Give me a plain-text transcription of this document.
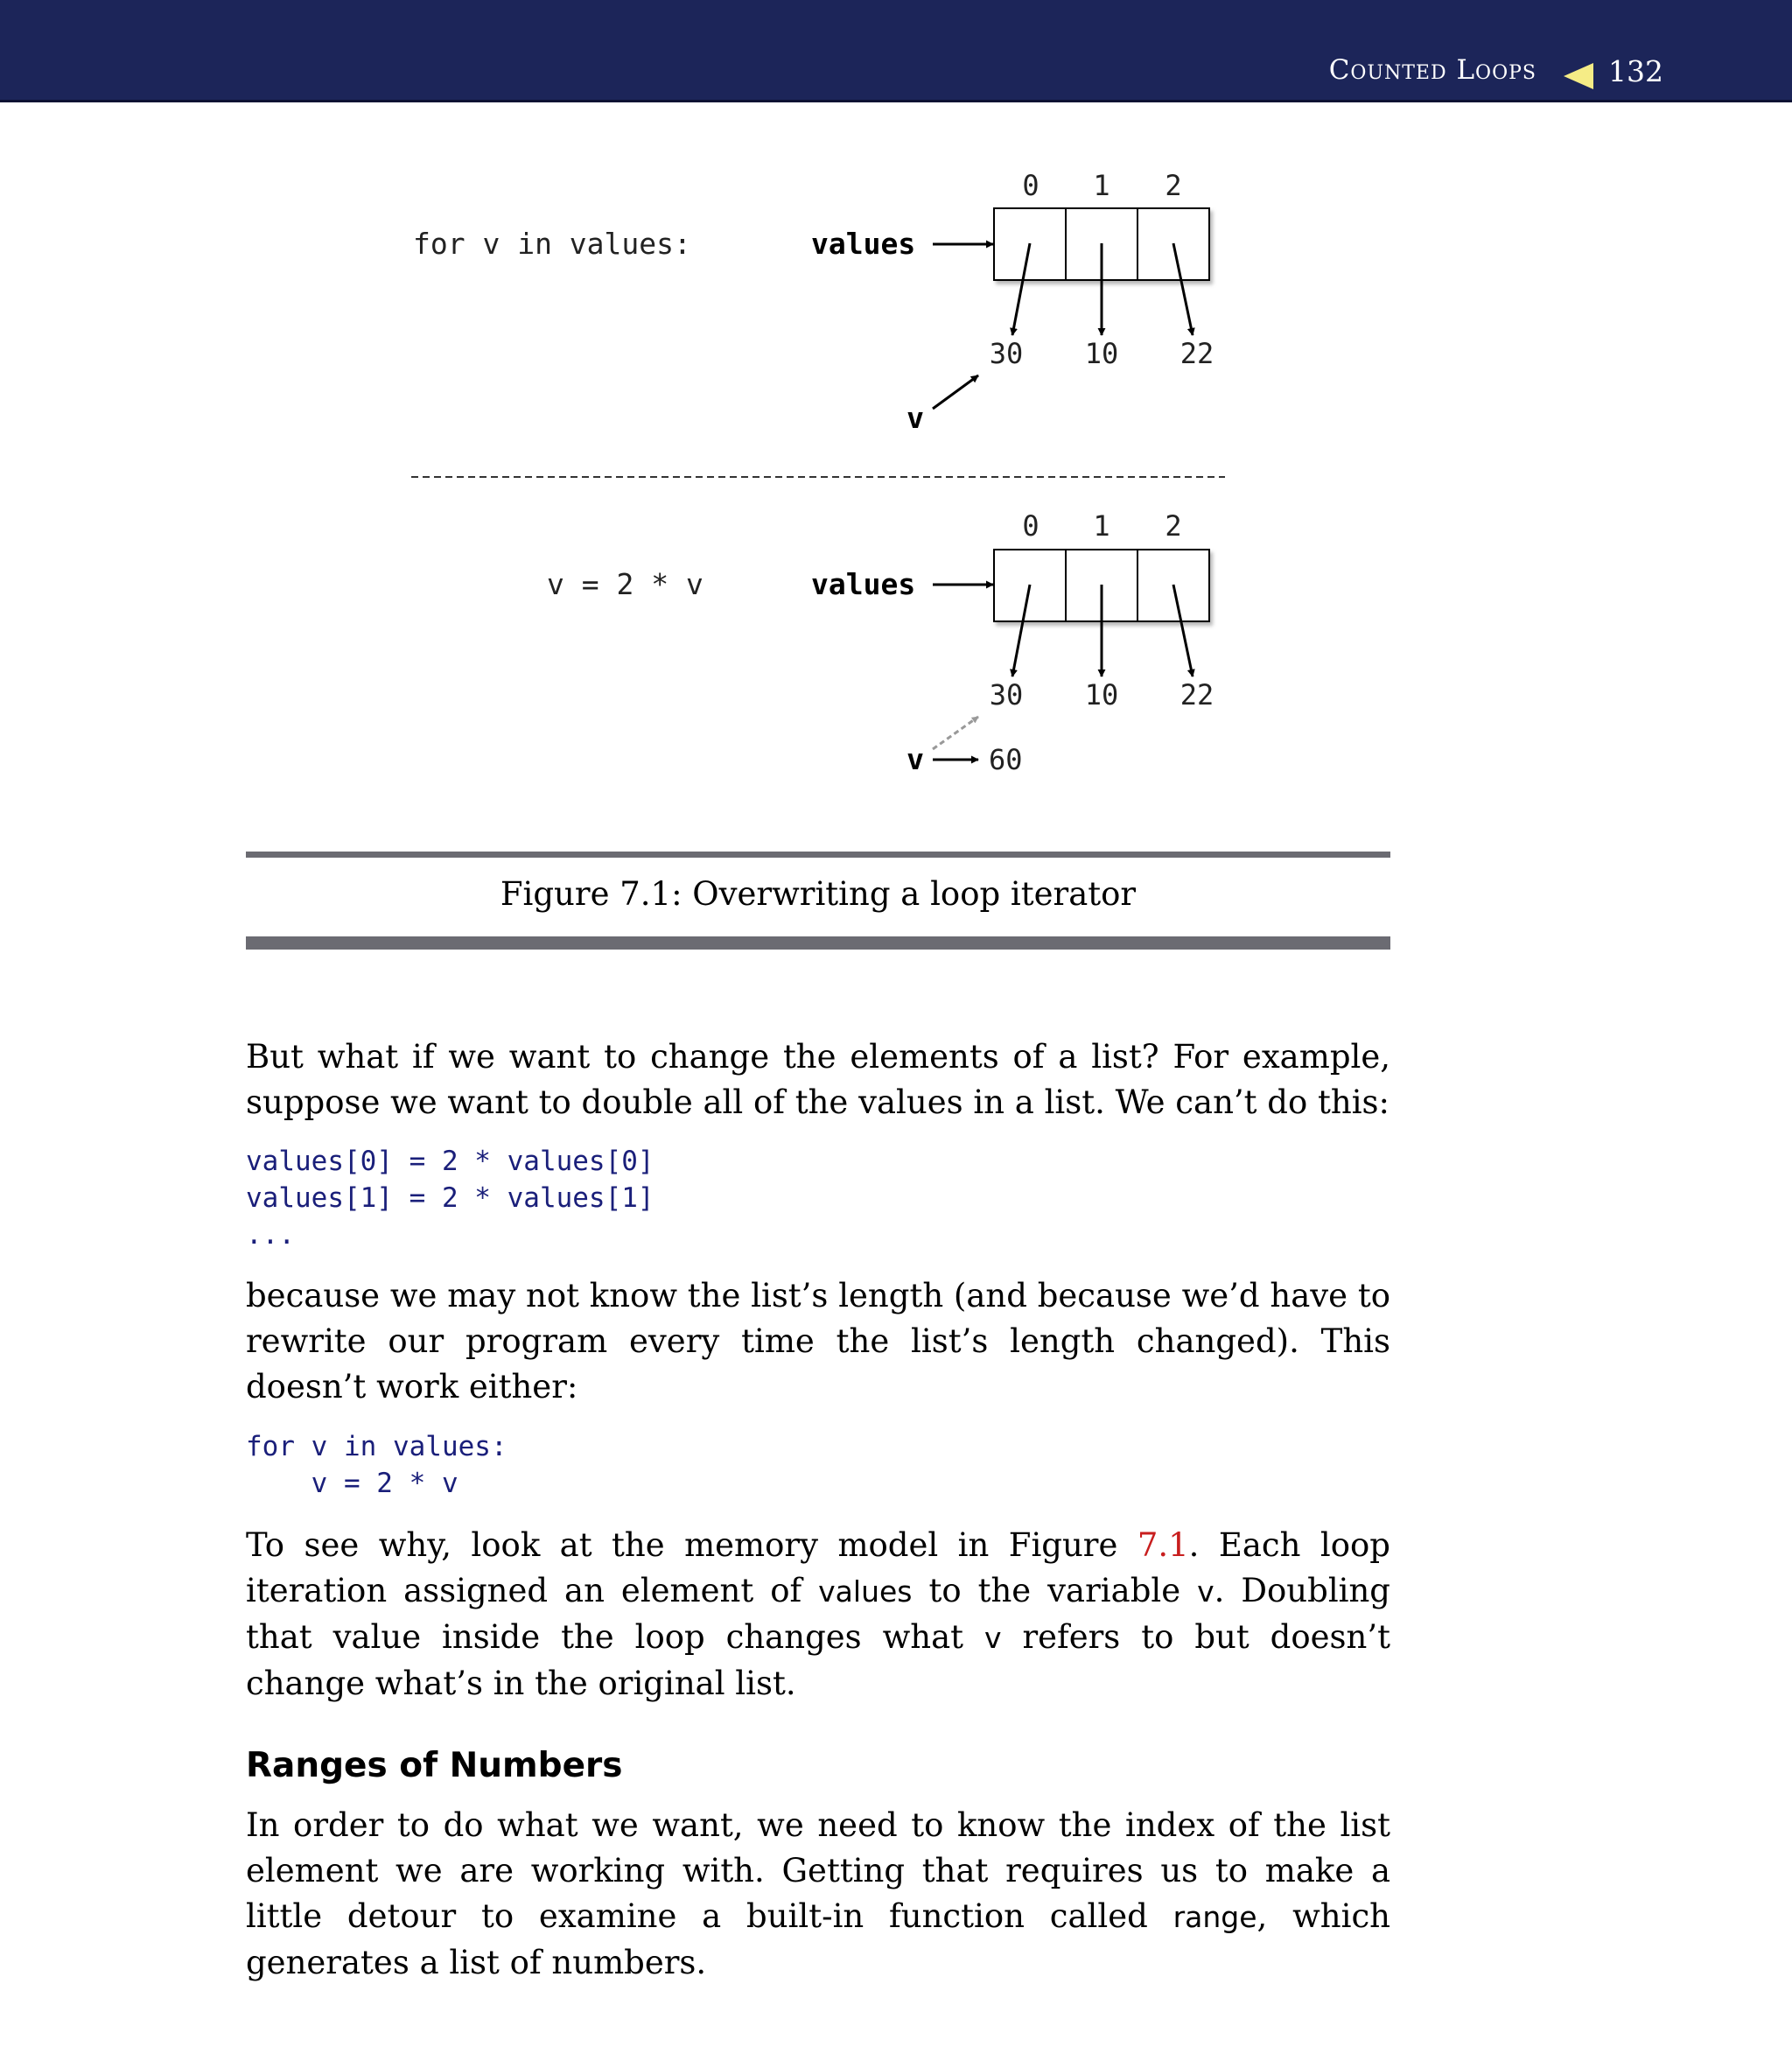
Counted Loops 132
for v in values:	values
0 1 2
30 10 22
v
v = 2 * v	values
0 1 2
30 10 22
v 60
Figure 7.1: Overwriting a loop iterator

But what if we want to change the elements of a list? For example, suppose we want to double all of the values in a list. We can’t do this:

values[0] = 2 * values[0]
values[1] = 2 * values[1]
...

because we may not know the list’s length (and because we’d have to rewrite our program every time the list’s length changed). This doesn’t work either:

for v in values:
v = 2 * v

To see why, look at the memory model in Figure 7.1. Each loop iteration assigned an element of values to the variable v. Doubling that value inside the loop changes what v refers to but doesn’t change what’s in the original list.

Ranges of Numbers

In order to do what we want, we need to know the index of the list element we are working with. Getting that requires us to make a little detour to examine a built-in function called range, which generates a list of numbers.
